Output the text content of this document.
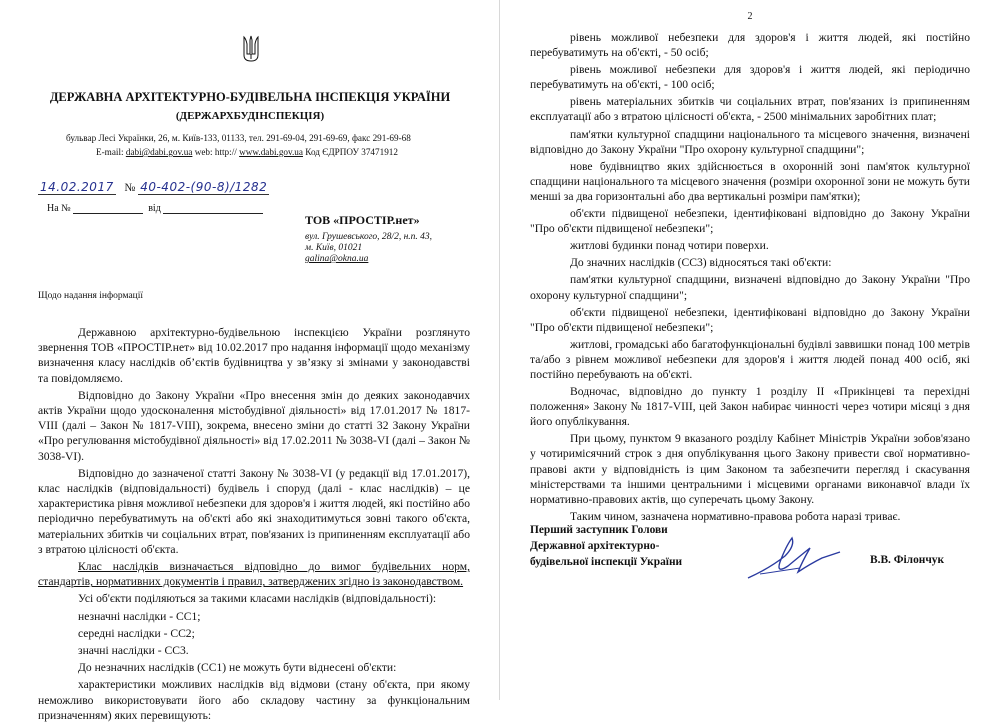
ДЕРЖАВНА АРХІТЕКТУРНО-БУДІВЕЛЬНА ІНСПЕКЦІЯ УКРАЇНИ
(ДЕРЖАРХБУДІНСПЕКЦІЯ)
бульвар Лесі Українки, 26, м. Київ-133, 01133, тел. 291-69-04, 291-69-69, факс 291-69-68
E-mail: dabi@dabi.gov.ua web: http:// www.dabi.gov.ua Код ЄДРПОУ 37471912
14.02.2017 № 40-402-(90-8)/1282
На №	від
ТОВ «ПРОСТІР.нет»
вул. Грушевського, 28/2, н.п. 43,
м. Київ, 01021
galina@okna.ua
Щодо надання інформації

Державною архітектурно-будівельною інспекцією України розглянуто звернення ТОВ «ПРОСТІР.нет» від 10.02.2017 про надання інформації щодо механізму визначення класу наслідків об’єктів будівництва у зв’язку зі змінами у законодавстві та повідомляємо.

Відповідно до Закону України «Про внесення змін до деяких законодавчих актів України щодо удосконалення містобудівної діяльності» від 17.01.2017 № 1817-VIII (далі – Закон № 1817-VIII), зокрема, внесено зміни до статті 32 Закону України «Про регулювання містобудівної діяльності» від 17.02.2011 № 3038-VI (далі – Закон № 3038-VI).

Відповідно до зазначеної статті Закону № 3038-VI (у редакції від 17.01.2017), клас наслідків (відповідальності) будівель і споруд (далі - клас наслідків) – це характеристика рівня можливої небезпеки для здоров'я і життя людей, які постійно або періодично перебуватимуть на об'єкті або які знаходитимуться зовні такого об'єкта, матеріальних збитків чи соціальних втрат, пов'язаних із припиненням експлуатації або з втратою цілісності об'єкта.

Клас наслідків визначається відповідно до вимог будівельних норм, стандартів, нормативних документів і правил, затверджених згідно із законодавством.

Усі об'єкти поділяються за такими класами наслідків (відповідальності):

незначні наслідки - СС1;

середні наслідки - СС2;

значні наслідки - СС3.

До незначних наслідків (СС1) не можуть бути віднесені об'єкти:

характеристики можливих наслідків від відмови (стану об'єкта, при якому неможливо використовувати його або складову частину за функціональним призначенням) яких перевищують:

2

рівень можливої небезпеки для здоров'я і життя людей, які постійно перебуватимуть на об'єкті, - 50 осіб;

рівень можливої небезпеки для здоров'я і життя людей, які періодично перебуватимуть на об'єкті, - 100 осіб;

рівень матеріальних збитків чи соціальних втрат, пов'язаних із припиненням експлуатації або з втратою цілісності об'єкта, - 2500 мінімальних заробітних плат;

пам'ятки культурної спадщини національного та місцевого значення, визначені відповідно до Закону України "Про охорону культурної спадщини";

нове будівництво яких здійснюється в охоронній зоні пам'яток культурної спадщини національного та місцевого значення (розміри охоронної зони не можуть бути менші за два горизонтальні або два вертикальні розміри пам'ятки);

об'єкти підвищеної небезпеки, ідентифіковані відповідно до Закону України "Про об'єкти підвищеної небезпеки";

житлові будинки понад чотири поверхи.

До значних наслідків (СС3) відносяться такі об'єкти:

пам'ятки культурної спадщини, визначені відповідно до Закону України "Про охорону культурної спадщини";

об'єкти підвищеної небезпеки, ідентифіковані відповідно до Закону України "Про об'єкти підвищеної небезпеки";

житлові, громадські або багатофункціональні будівлі заввишки понад 100 метрів та/або з рівнем можливої небезпеки для здоров'я і життя людей понад 400 осіб, які постійно перебувають на об'єкті.

Водночас, відповідно до пункту 1 розділу II «Прикінцеві та перехідні положення» Закону № 1817-VIII, цей Закон набирає чинності через чотири місяці з дня його опублікування.

При цьому, пунктом 9 вказаного розділу Кабінет Міністрів України зобов'язано у чотиримісячний строк з дня опублікування цього Закону привести свої нормативно-правові акти у відповідність із цим Законом та забезпечити перегляд і скасування міністерствами та іншими центральними і місцевими органами виконавчої влади їх нормативно-правових актів, що суперечать цьому Закону.

Таким чином, зазначена нормативно-правова робота наразі триває.

Перший заступник Голови
Державної архітектурно-
будівельної інспекції України	В.В. Філончук
